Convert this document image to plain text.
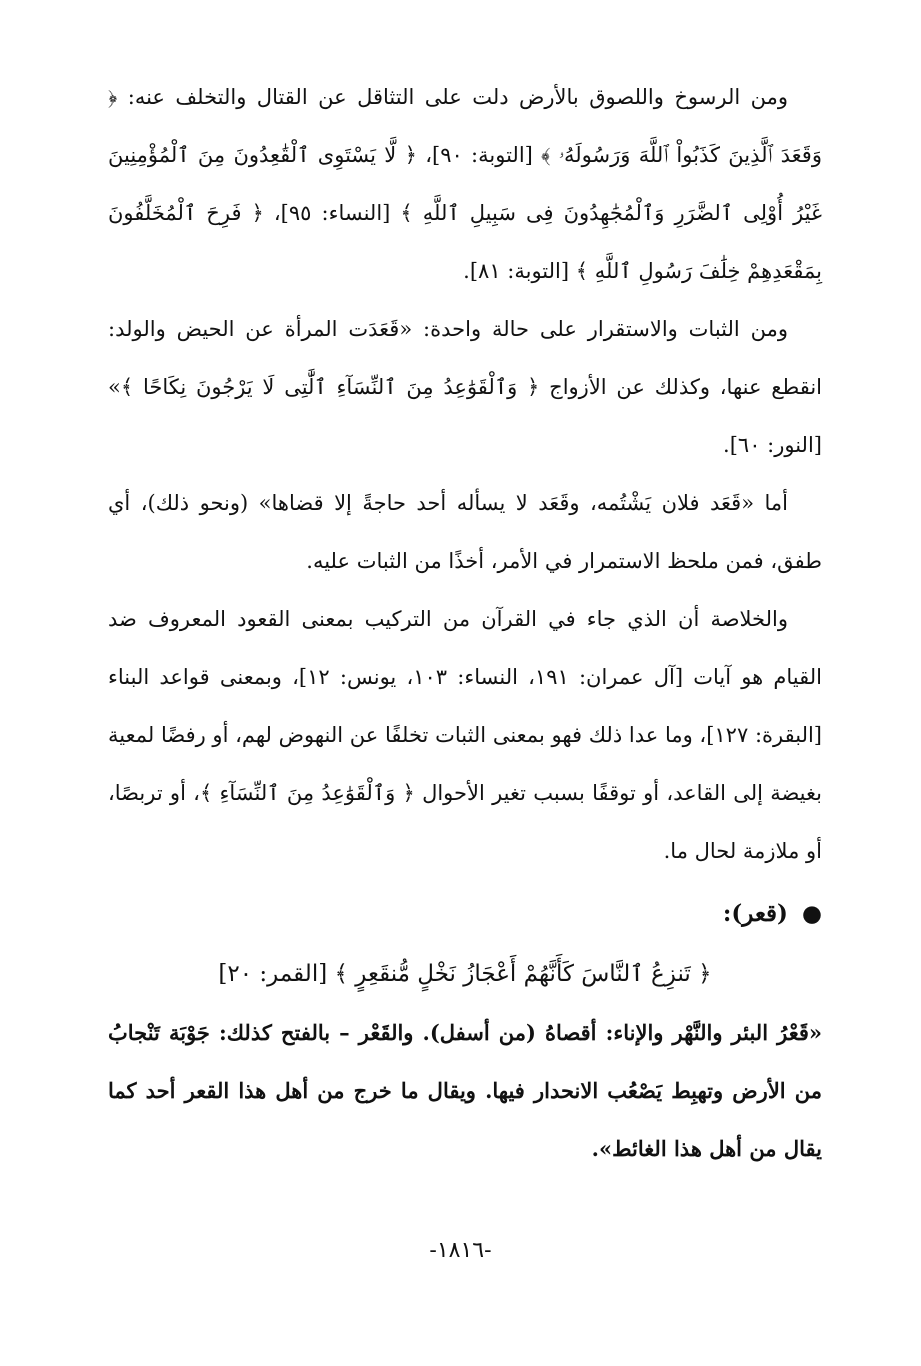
ومن الرسوخ واللصوق بالأرض دلت على التثاقل عن القتال والتخلف عنه: ﴿ وَقَعَدَ ٱلَّذِينَ كَذَبُواْ ٱللَّهَ وَرَسُولَهُۥ ﴾ [التوبة: ٩٠]، ﴿ لَّا يَسْتَوِى ٱلْقَٰعِدُونَ مِنَ ٱلْمُؤْمِنِينَ غَيْرُ أُوْلِى ٱلضَّرَرِ وَٱلْمُجَٰهِدُونَ فِى سَبِيلِ ٱللَّهِ ﴾ [النساء: ٩٥]، ﴿ فَرِحَ ٱلْمُخَلَّفُونَ بِمَقْعَدِهِمْ خِلَٰفَ رَسُولِ ٱللَّهِ ﴾ [التوبة: ٨١].

ومن الثبات والاستقرار على حالة واحدة: «قَعَدَت المرأة عن الحيض والولد: انقطع عنها، وكذلك عن الأزواج ﴿ وَٱلْقَوَٰعِدُ مِنَ ٱلنِّسَآءِ ٱلَّٰتِى لَا يَرْجُونَ نِكَاحًا ﴾» [النور: ٦٠].

أما «قَعَد فلان يَشْتُمه، وقَعَد لا يسأله أحد حاجةً إلا قضاها» (ونحو ذلك)، أي طفق، فمن ملحظ الاستمرار في الأمر، أخذًا من الثبات عليه.

والخلاصة أن الذي جاء في القرآن من التركيب بمعنى القعود المعروف ضد القيام هو آيات [آل عمران: ١٩١، النساء: ١٠٣، يونس: ١٢]، وبمعنى قواعد البناء [البقرة: ١٢٧]، وما عدا ذلك فهو بمعنى الثبات تخلفًا عن النهوض لهم، أو رفضًا لمعية بغيضة إلى القاعد، أو توقفًا بسبب تغير الأحوال ﴿ وَٱلْقَوَٰعِدُ مِنَ ٱلنِّسَآءِ ﴾، أو تربصًا، أو ملازمة لحال ما.

●(قعر):
﴿ تَنزِعُ ٱلنَّاسَ كَأَنَّهُمْ أَعْجَازُ نَخْلٍ مُّنقَعِرٍ ﴾ [القمر: ٢٠]

«قَعْرُ البئر والنَّهْر والإناء: أقصاهُ (من أسفل). والقَعْر – بالفتح كذلك: جَوْبَة تَنْجابُ من الأرض وتهبِط يَصْعُب الانحدار فيها. ويقال ما خرج من أهل هذا القعر أحد كما يقال من أهل هذا الغائط».

-١٨١٦-
